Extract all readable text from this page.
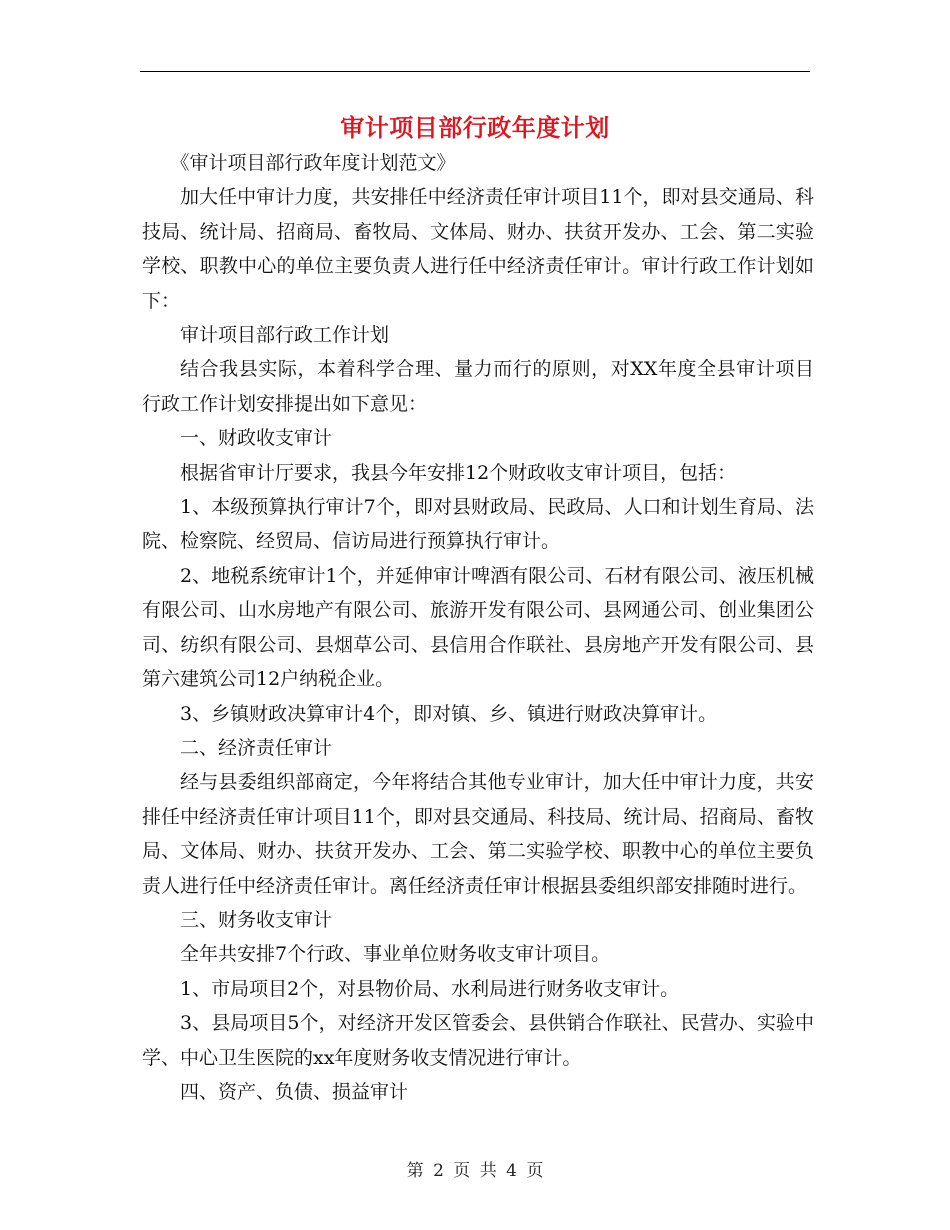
审计项目部行政年度计划

《审计项目部行政年度计划范文》

加大任中审计力度，共安排任中经济责任审计项目11个，即对县交通局、科技局、统计局、招商局、畜牧局、文体局、财办、扶贫开发办、工会、第二实验学校、职教中心的单位主要负责人进行任中经济责任审计。审计行政工作计划如下：

审计项目部行政工作计划

结合我县实际，本着科学合理、量力而行的原则，对XX年度全县审计项目行政工作计划安排提出如下意见：

一、财政收支审计

根据省审计厅要求，我县今年安排12个财政收支审计项目，包括：

1、本级预算执行审计7个，即对县财政局、民政局、人口和计划生育局、法院、检察院、经贸局、信访局进行预算执行审计。

2、地税系统审计1个，并延伸审计啤酒有限公司、石材有限公司、液压机械有限公司、山水房地产有限公司、旅游开发有限公司、县网通公司、创业集团公司、纺织有限公司、县烟草公司、县信用合作联社、县房地产开发有限公司、县第六建筑公司12户纳税企业。

3、乡镇财政决算审计4个，即对镇、乡、镇进行财政决算审计。

二、经济责任审计

经与县委组织部商定，今年将结合其他专业审计，加大任中审计力度，共安排任中经济责任审计项目11个，即对县交通局、科技局、统计局、招商局、畜牧局、文体局、财办、扶贫开发办、工会、第二实验学校、职教中心的单位主要负责人进行任中经济责任审计。离任经济责任审计根据县委组织部安排随时进行。

三、财务收支审计

全年共安排7个行政、事业单位财务收支审计项目。

1、市局项目2个，对县物价局、水利局进行财务收支审计。

3、县局项目5个，对经济开发区管委会、县供销合作联社、民营办、实验中学、中心卫生医院的xx年度财务收支情况进行审计。

四、资产、负债、损益审计

第 2 页 共 4 页
